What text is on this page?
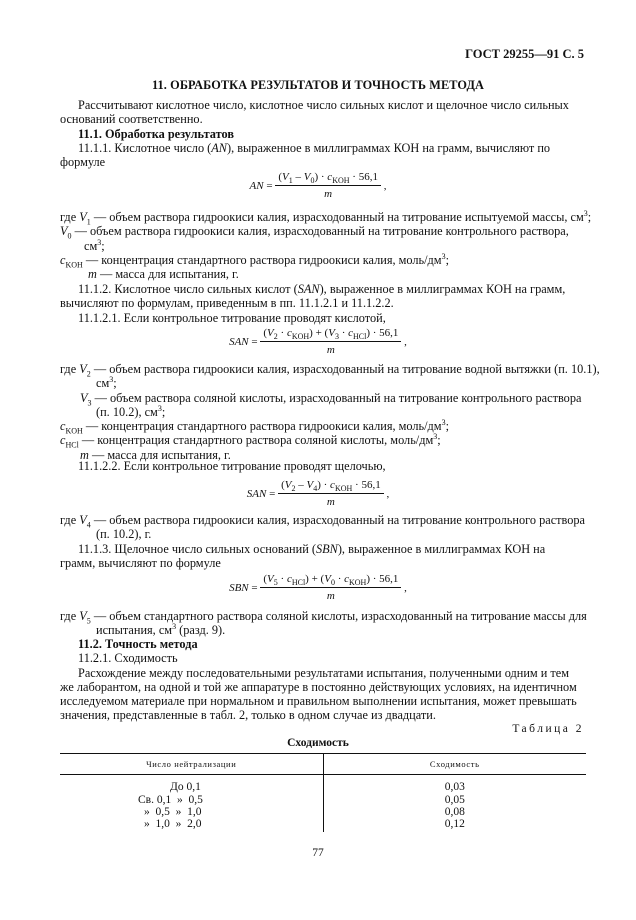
ГОСТ 29255—91 С. 5
11. ОБРАБОТКА РЕЗУЛЬТАТОВ И ТОЧНОСТЬ МЕТОДА
Рассчитывают кислотное число, кислотное число сильных кислот и щелочное число сильных
оснований соответственно.
11.1. Обработка результатов
11.1.1. Кислотное число (AN), выраженное в миллиграммах КОН на грамм, вычисляют по
формуле
AN = $\frac{(V_1 - V_0) \cdot c_{KOH} \cdot 56,1}{m}$ ,
где $V_1$ — объем раствора гидроокиси калия, израсходованный на титрование испытуемой массы, $см^3$;
$V_0$ — объем раствора гидроокиси калия, израсходованный на титрование контрольного раствора,
$см^3$;
$c_{KOH}$ — концентрация стандартного раствора гидроокиси калия, моль/$дм^3$;
m — масса для испытания, г.
11.1.2. Кислотное число сильных кислот (SAN), выраженное в миллиграммах КОН на грамм,
вычисляют по формулам, приведенным в пп. 11.1.2.1 и 11.1.2.2.
11.1.2.1. Если контрольное титрование проводят кислотой,
SAN = $\frac{(V_2 \cdot c_{KOH}) + (V_3 \cdot c_{HCl}) \cdot 56,1}{m}$ ,
где $V_2$ — объем раствора гидроокиси калия, израсходованный на титрование водной вытяжки (п. 10.1),
$см^3$;
$V_3$ — объем раствора соляной кислоты, израсходованный на титрование контрольного раствора
(п. 10.2), $см^3$;
$c_{KOH}$ — концентрация стандартного раствора гидроокиси калия, моль/$дм^3$;
$c_{HCl}$ — концентрация стандартного раствора соляной кислоты, моль/$дм^3$;
m — масса для испытания, г.
11.1.2.2. Если контрольное титрование проводят щелочью,
SAN = $\frac{(V_2 - V_4) \cdot c_{KOH} \cdot 56,1}{m}$ ,
где $V_4$ — объем раствора гидроокиси калия, израсходованный на титрование контрольного раствора
(п. 10.2), г.
11.1.3. Щелочное число сильных оснований (SBN), выраженное в миллиграммах КОН на
грамм, вычисляют по формуле
SBN = $\frac{(V_5 \cdot c_{HCl}) + (V_0 \cdot c_{KOH}) \cdot 56,1}{m}$ ,
где $V_5$ — объем стандартного раствора соляной кислоты, израсходованный на титрование массы для
испытания, $см^3$ (разд. 9).
11.2. Точность метода
11.2.1. Сходимость
Расхождение между последовательными результатами испытания, полученными одним и тем
же лаборантом, на одной и той же аппаратуре в постоянно действующих условиях, на идентичном
исследуемом материале при нормальном и правильном выполнении испытания, может превышать
значения, представленные в табл. 2, только в одном случае из двадцати.
Таблица 2
Сходимость
Число нейтрализации	Сходимость
До 0,1	0,03
Св. 0,1  »  0,5	0,05
»  0,5  »  1,0	0,08
»  1,0  »  2,0	0,12
77
